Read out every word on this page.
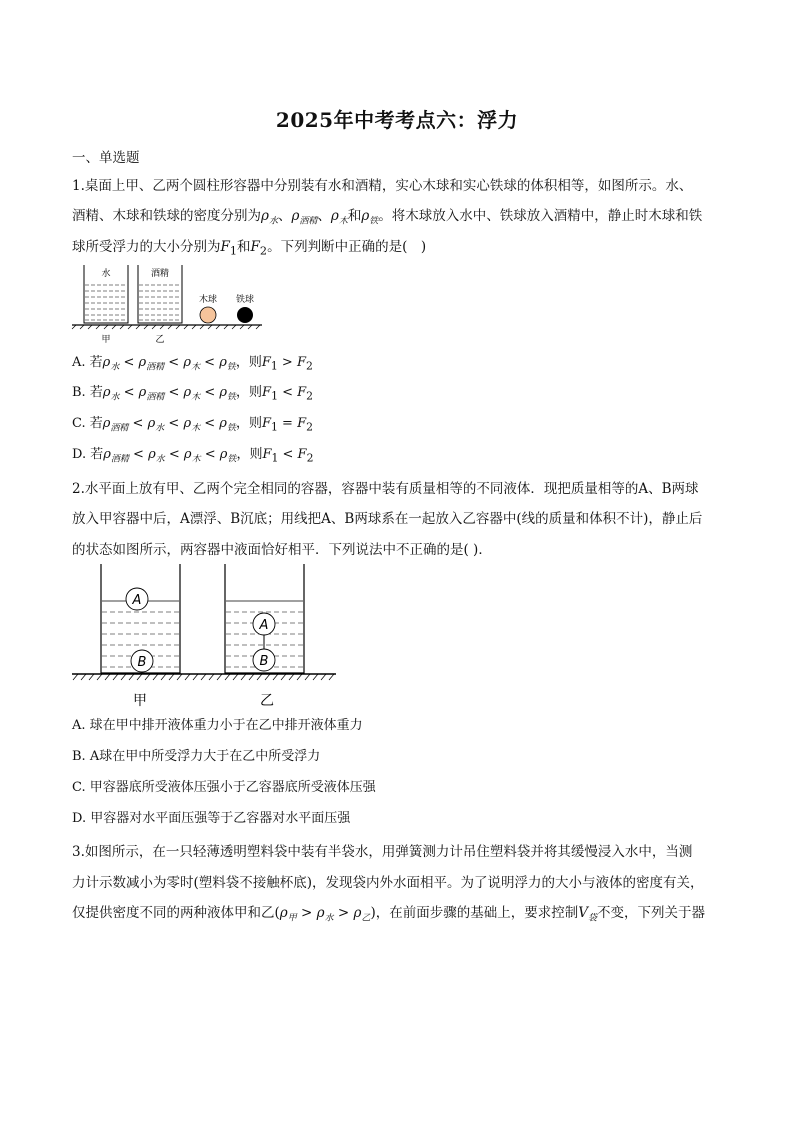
2025年中考考点六：浮力
一、单选题
1.桌面上甲、乙两个圆柱形容器中分别装有水和酒精，实心木球和实心铁球的体积相等，如图所示。水、
酒精、木球和铁球的密度分别为$\rho_水$、$\rho_{酒精}$、$\rho_木$和$\rho_铁$。将木球放入水中、铁球放入酒精中，静止时木球和铁
球所受浮力的大小分别为$F_1$和$F_2$。下列判断中正确的是(　)
水	酒精
木球 铁球
甲	乙
A. 若$\rho_水 < \rho_{酒精} < \rho_木 < \rho_铁$，则$F_1 > F_2$
B. 若$\rho_水 < \rho_{酒精} < \rho_木 < \rho_铁$，则$F_1 < F_2$
C. 若$\rho_{酒精} < \rho_水 < \rho_木 < \rho_铁$，则$F_1 = F_2$
D. 若$\rho_{酒精} < \rho_水 < \rho_木 < \rho_铁$，则$F_1 < F_2$
2.水平面上放有甲、乙两个完全相同的容器，容器中装有质量相等的不同液体．现把质量相等的A、B两球
放入甲容器中后，A漂浮、B沉底；用线把A、B两球系在一起放入乙容器中(线的质量和体积不计)，静止后
的状态如图所示，两容器中液面恰好相平．下列说法中不正确的是( )．
A
B
A
B
甲	乙
A. 球在甲中排开液体重力小于在乙中排开液体重力
B. A球在甲中所受浮力大于在乙中所受浮力
C. 甲容器底所受液体压强小于乙容器底所受液体压强
D. 甲容器对水平面压强等于乙容器对水平面压强
3.如图所示，在一只轻薄透明塑料袋中装有半袋水，用弹簧测力计吊住塑料袋并将其缓慢浸入水中，当测
力计示数减小为零时(塑料袋不接触杯底)，发现袋内外水面相平。为了说明浮力的大小与液体的密度有关，
仅提供密度不同的两种液体甲和乙$(\rho_甲 > \rho_水 > \rho_乙)$，在前面步骤的基础上，要求控制$V_袋$不变，下列关于器
